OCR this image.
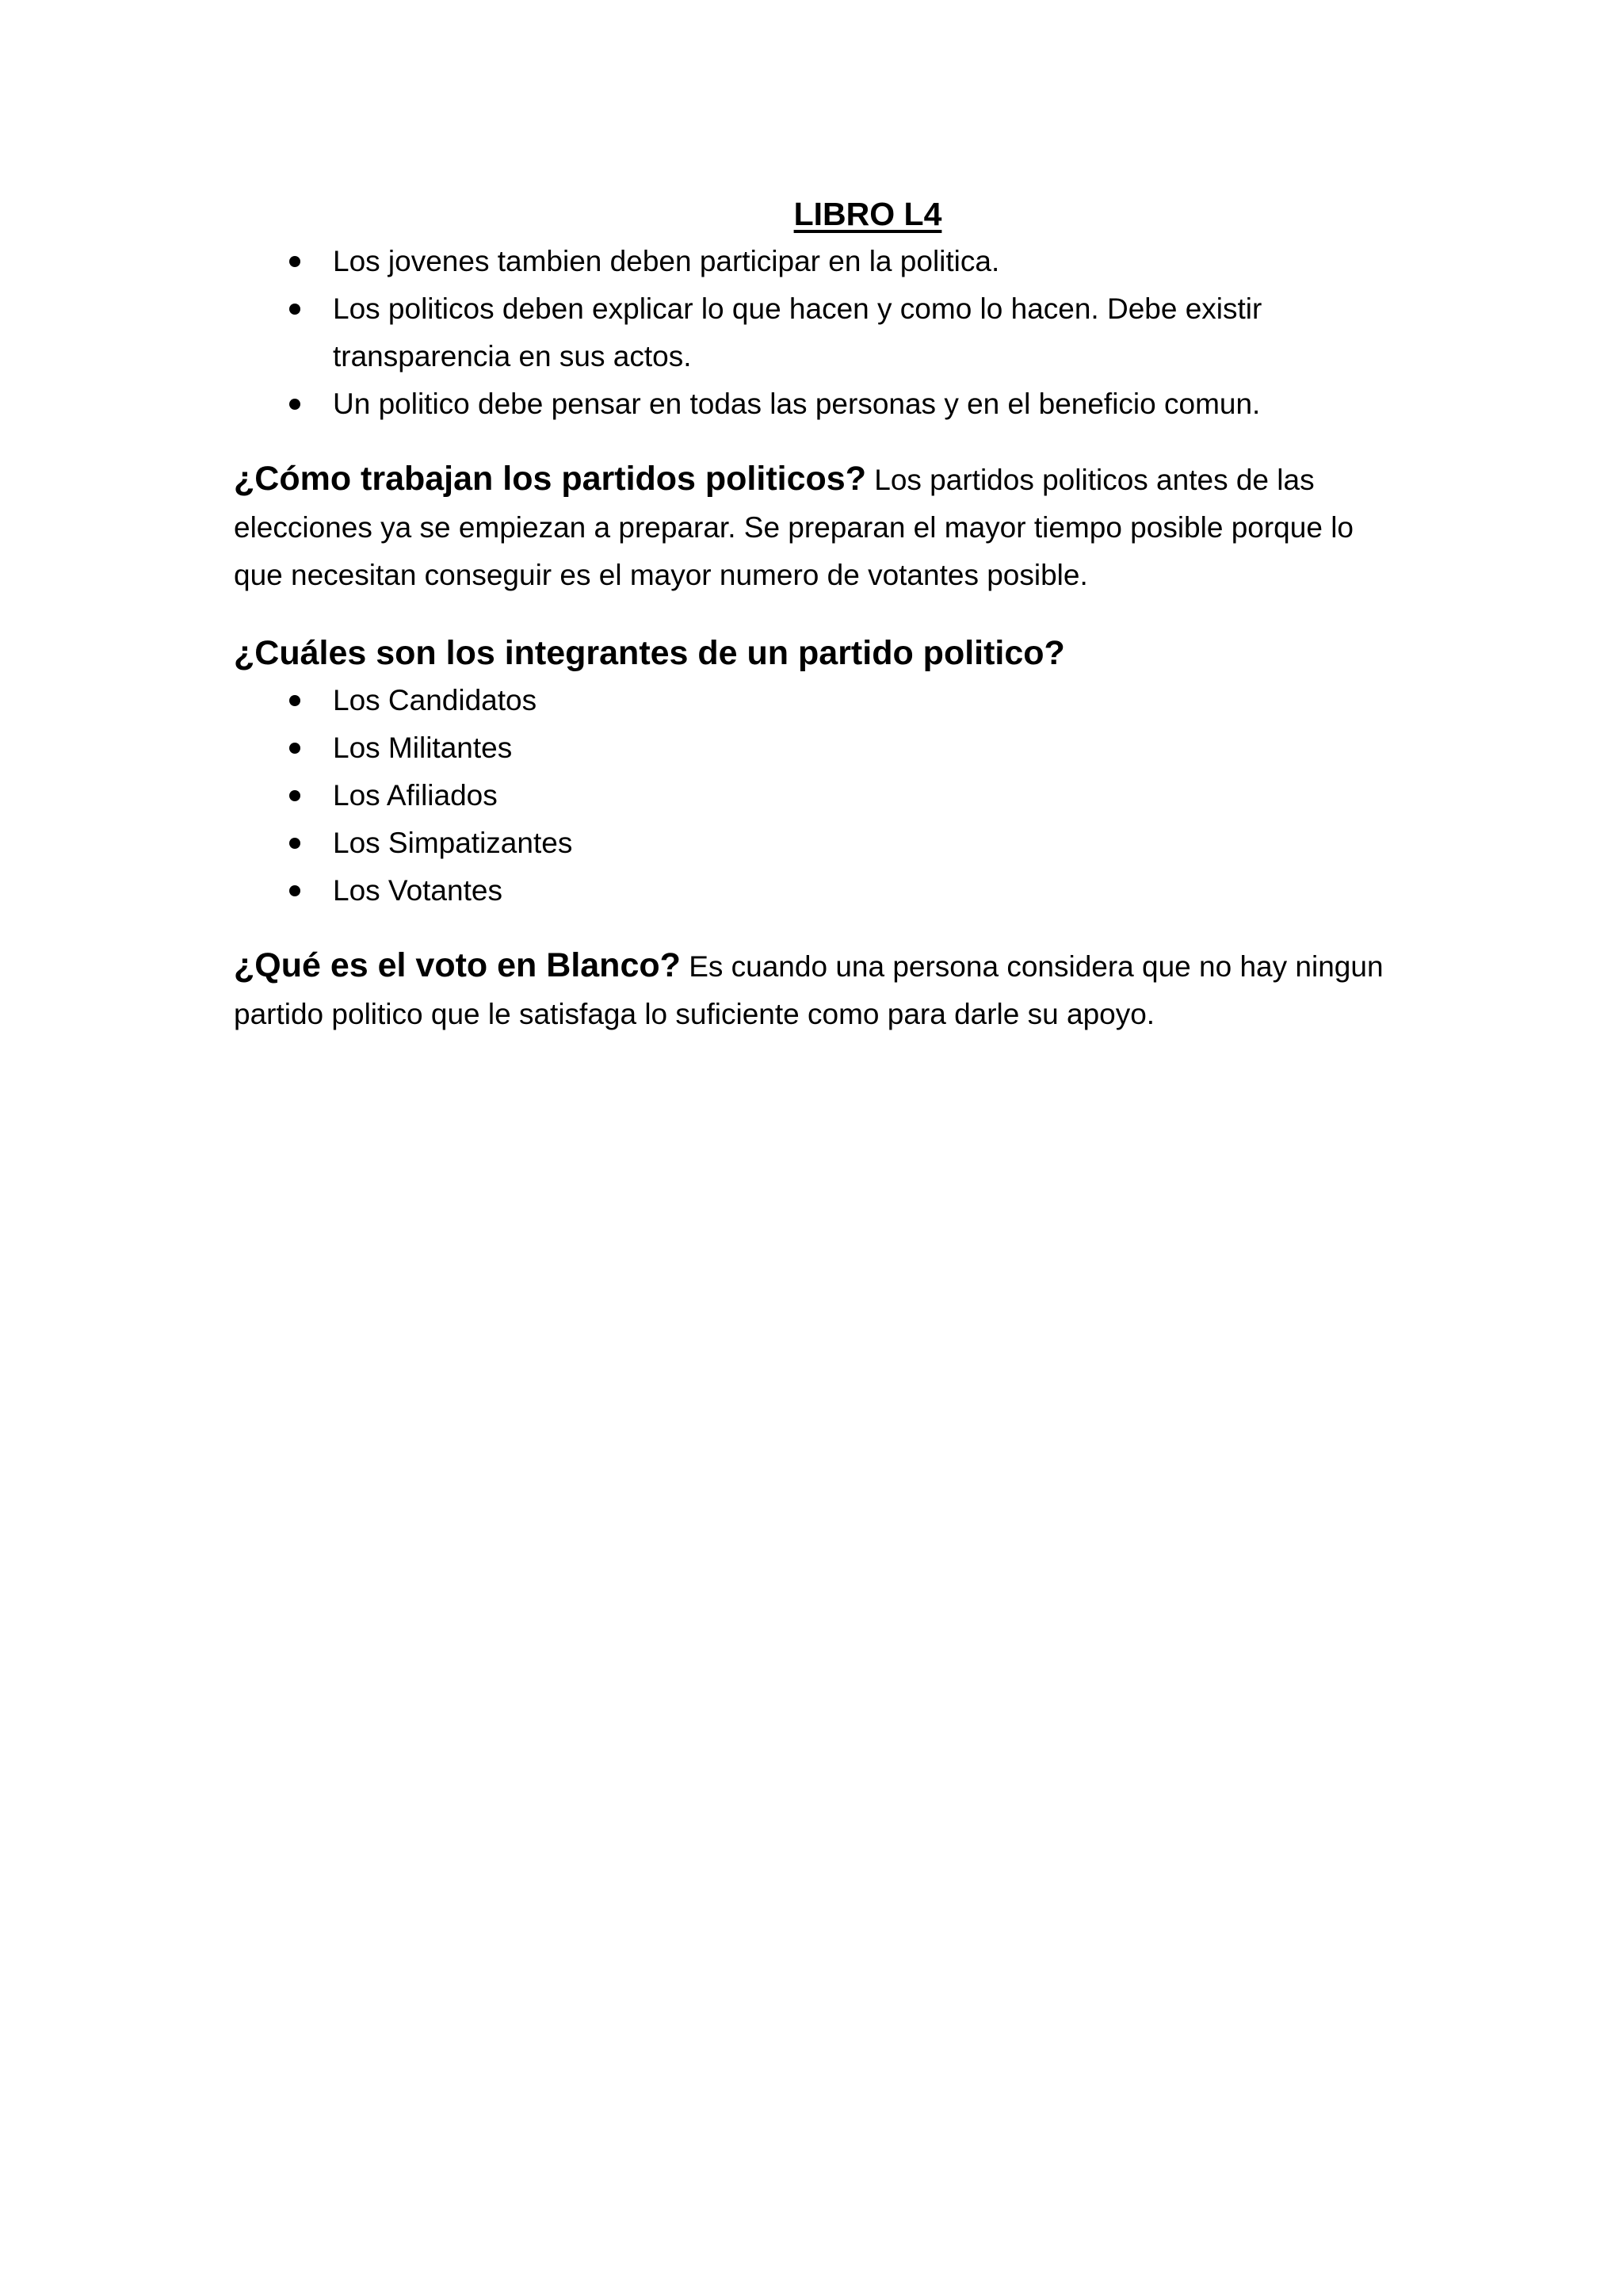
LIBRO L4
Los jovenes tambien deben participar en la politica.
Los politicos deben explicar lo que hacen y como lo hacen. Debe existir transparencia en sus actos.
Un politico debe pensar en todas las personas y en el beneficio comun.

¿Cómo trabajan los partidos politicos? Los partidos politicos antes de las elecciones ya se empiezan a preparar. Se preparan el mayor tiempo posible porque lo que necesitan conseguir es el mayor numero de votantes posible.

¿Cuáles son los integrantes de un partido politico?
Los Candidatos
Los Militantes
Los Afiliados
Los Simpatizantes
Los Votantes

¿Qué es el voto en Blanco? Es cuando una persona considera que no hay ningun partido politico que le satisfaga lo suficiente como para darle su apoyo.
